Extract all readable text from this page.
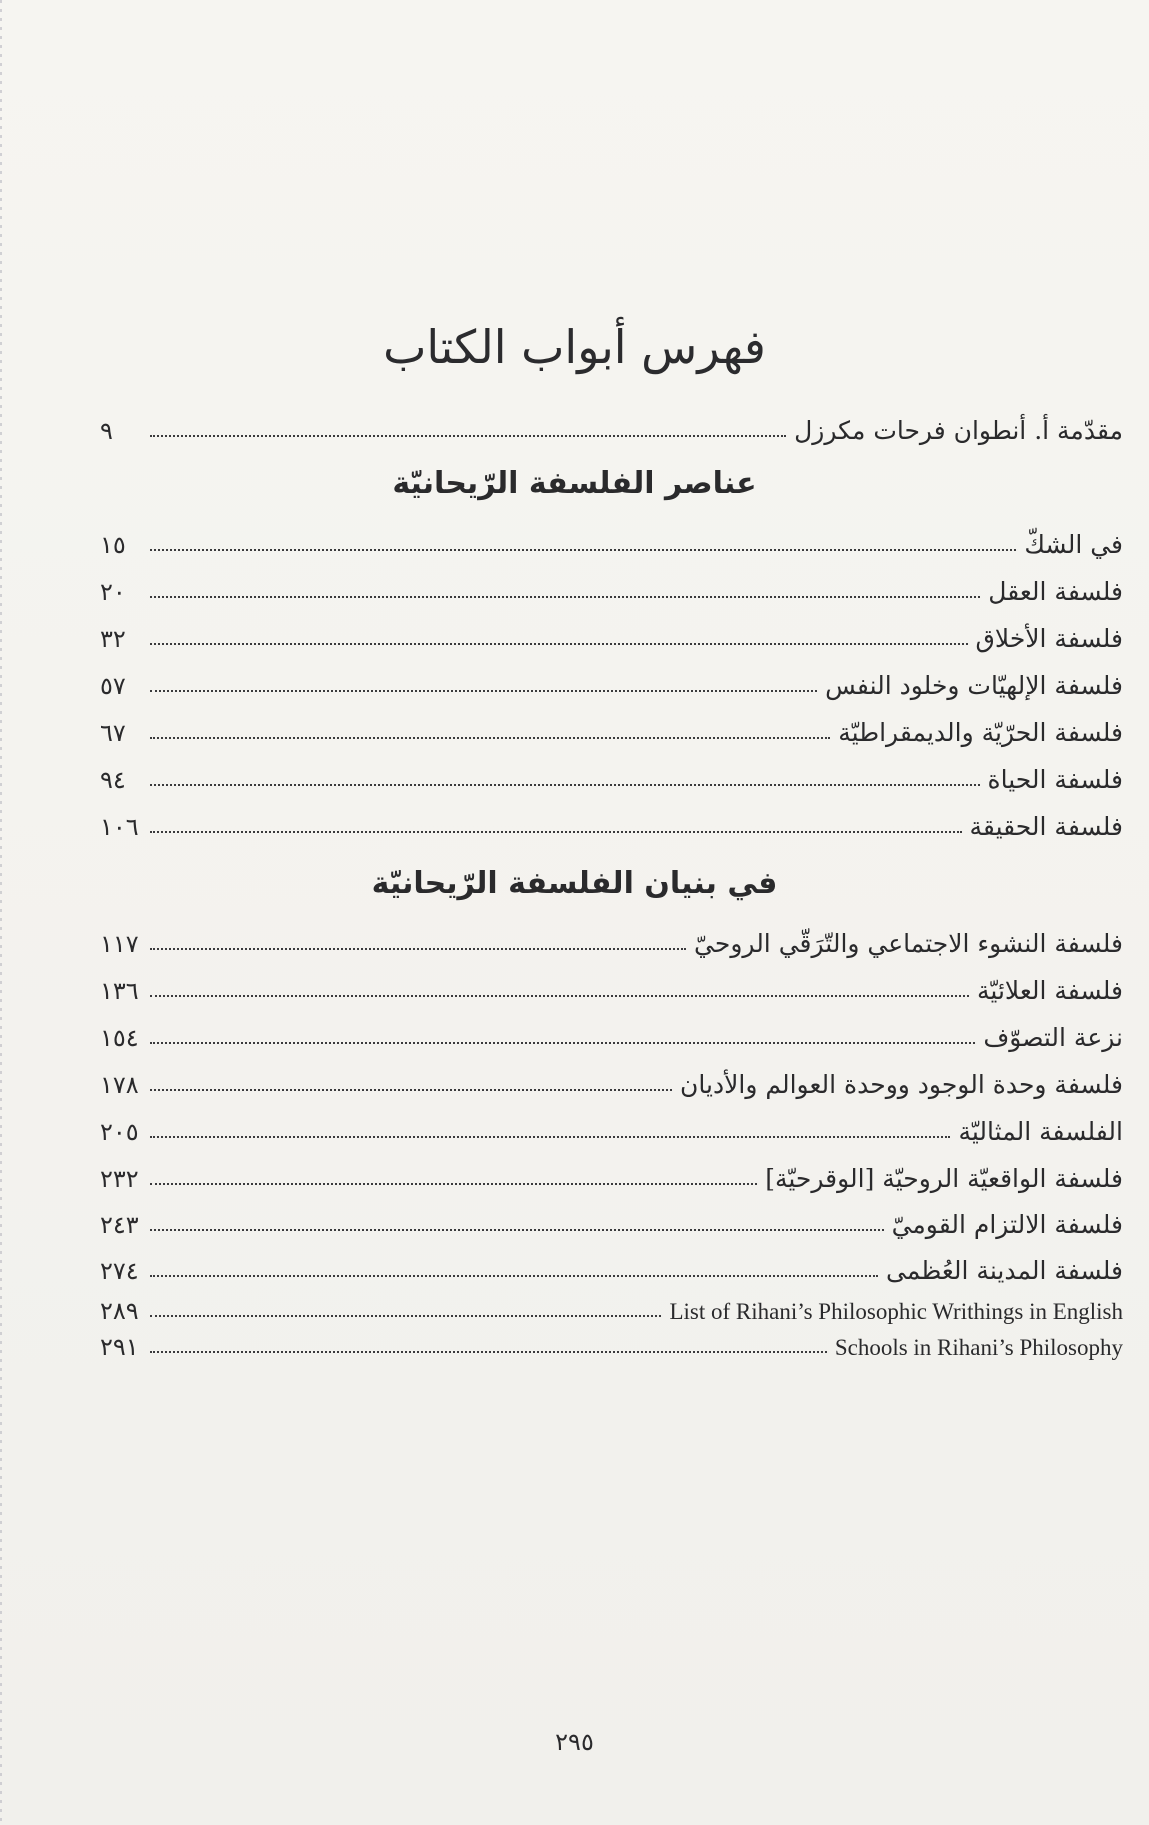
فهرس أبواب الكتاب
مقدّمة أ. أنطوان فرحات مكرزل
٩
عناصر الفلسفة الرّيحانيّة
في الشكّ
١٥
فلسفة العقل
٢٠
فلسفة الأخلاق
٣٢
فلسفة الإلهيّات وخلود النفس
٥٧
فلسفة الحرّيّة والديمقراطيّة
٦٧
فلسفة الحياة
٩٤
فلسفة الحقيقة
١٠٦
في بنيان الفلسفة الرّيحانيّة
فلسفة النشوء الاجتماعي والتّرَقّي الروحيّ
١١٧
فلسفة العلائيّة
١٣٦
نزعة التصوّف
١٥٤
فلسفة وحدة الوجود ووحدة العوالم والأديان
١٧٨
الفلسفة المثاليّة
٢٠٥
فلسفة الواقعيّة الروحيّة [الوقرحيّة]
٢٣٢
فلسفة الالتزام القوميّ
٢٤٣
فلسفة المدينة العُظمى
٢٧٤
List of Rihani’s Philosophic Writhings in English
٢٨٩
Schools in Rihani’s Philosophy
٢٩١
٢٩٥
